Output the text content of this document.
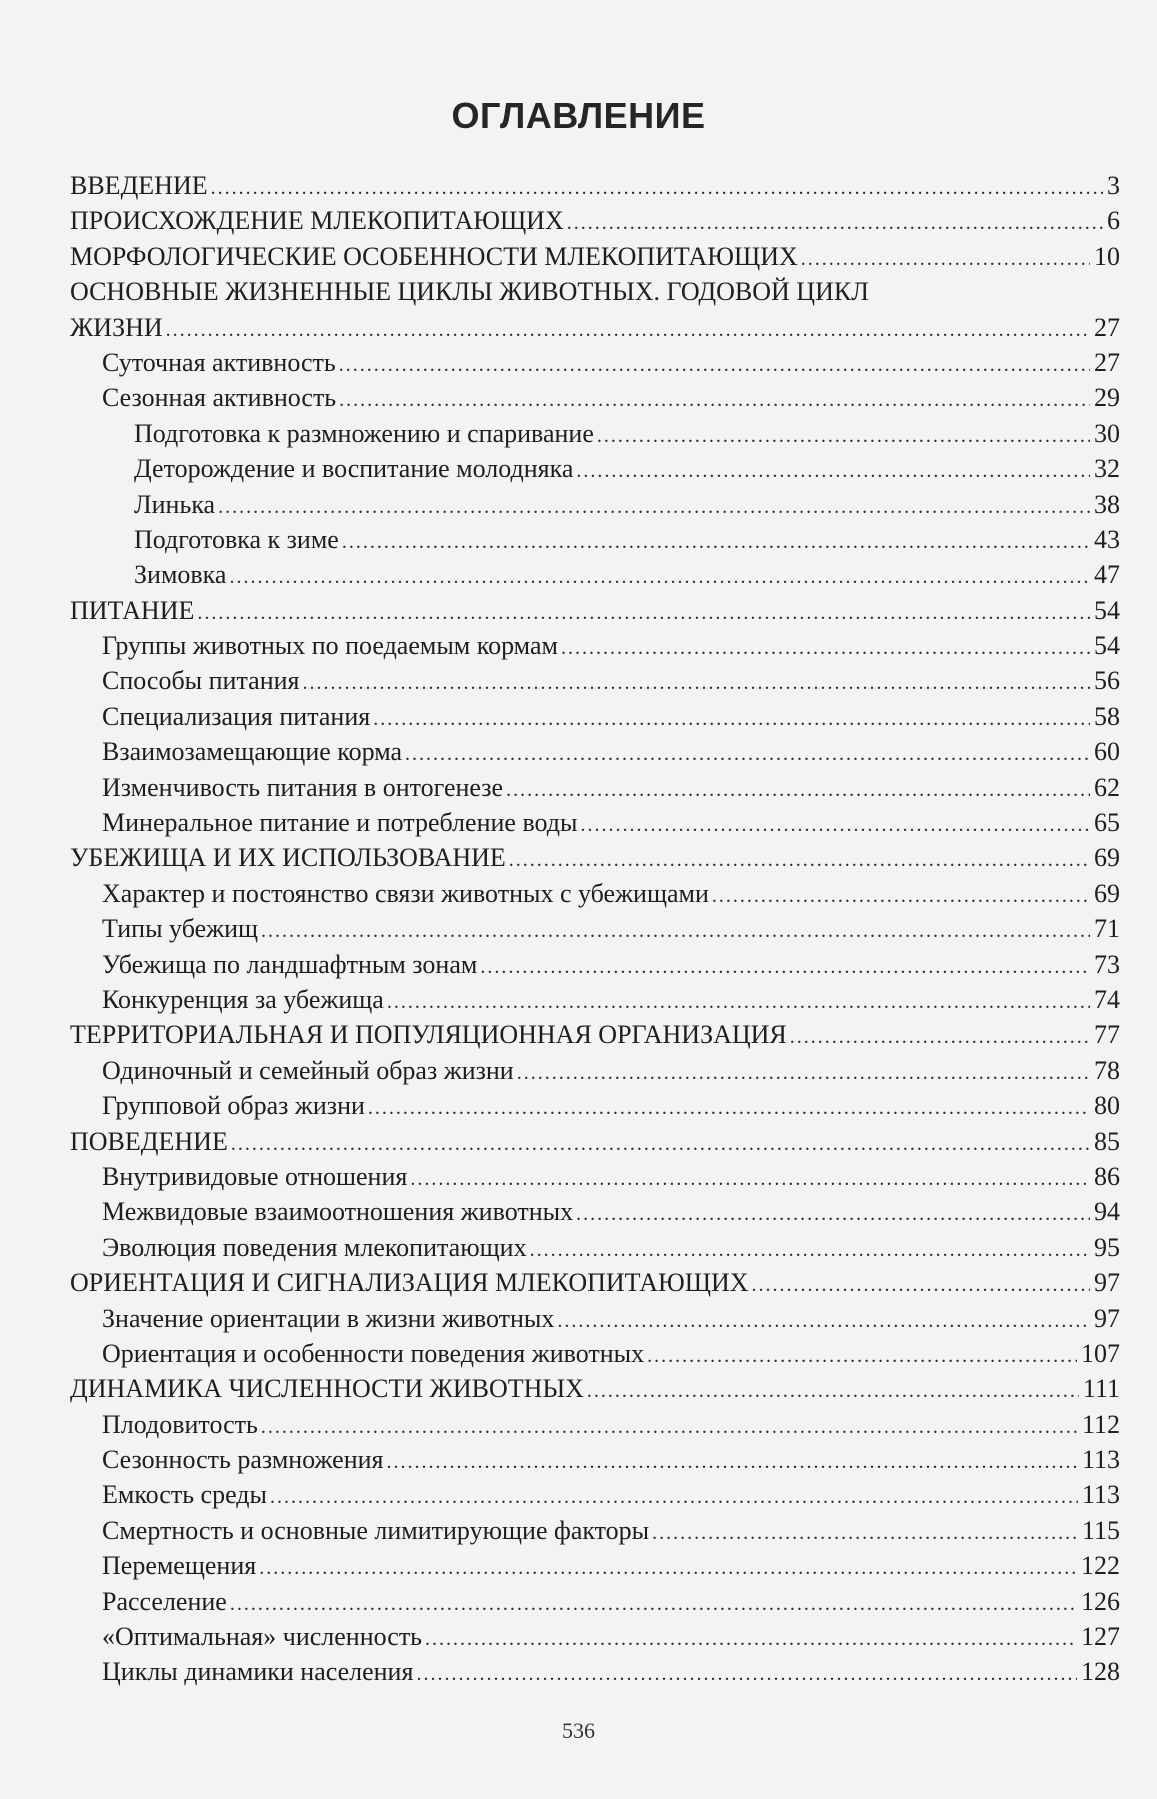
ОГЛАВЛЕНИЕ
ВВЕДЕНИЕ .....	3
ПРОИСХОЖДЕНИЕ МЛЕКОПИТАЮЩИХ .....	6
МОРФОЛОГИЧЕСКИЕ ОСОБЕННОСТИ МЛЕКОПИТАЮЩИХ .....	10
ОСНОВНЫЕ ЖИЗНЕННЫЕ ЦИКЛЫ ЖИВОТНЫХ. ГОДОВОЙ ЦИКЛ
ЖИЗНИ .....	27
Суточная активность .....	27
Сезонная активность .....	29
Подготовка к размножению и спаривание .....	30
Деторождение и воспитание молодняка .....	32
Линька .....	38
Подготовка к зиме .....	43
Зимовка .....	47
ПИТАНИЕ .....	54
Группы животных по поедаемым кормам .....	54
Способы питания .....	56
Специализация питания .....	58
Взаимозамещающие корма .....	60
Изменчивость питания в онтогенезе .....	62
Минеральное питание и потребление воды .....	65
УБЕЖИЩА И ИХ ИСПОЛЬЗОВАНИЕ .....	69
Характер и постоянство связи животных с убежищами .....	69
Типы убежищ .....	71
Убежища по ландшафтным зонам .....	73
Конкуренция за убежища .....	74
ТЕРРИТОРИАЛЬНАЯ И ПОПУЛЯЦИОННАЯ ОРГАНИЗАЦИЯ .....	77
Одиночный и семейный образ жизни .....	78
Групповой образ жизни .....	80
ПОВЕДЕНИЕ .....	85
Внутривидовые отношения .....	86
Межвидовые взаимоотношения животных .....	94
Эволюция поведения млекопитающих .....	95
ОРИЕНТАЦИЯ И СИГНАЛИЗАЦИЯ МЛЕКОПИТАЮЩИХ .....	97
Значение ориентации в жизни животных .....	97
Ориентация и особенности поведения животных .....	107
ДИНАМИКА ЧИСЛЕННОСТИ ЖИВОТНЫХ .....	111
Плодовитость .....	112
Сезонность размножения .....	113
Емкость среды .....	113
Смертность и основные лимитирующие факторы .....	115
Перемещения .....	122
Расселение .....	126
«Оптимальная» численность .....	127
Циклы динамики населения .....	128
536
